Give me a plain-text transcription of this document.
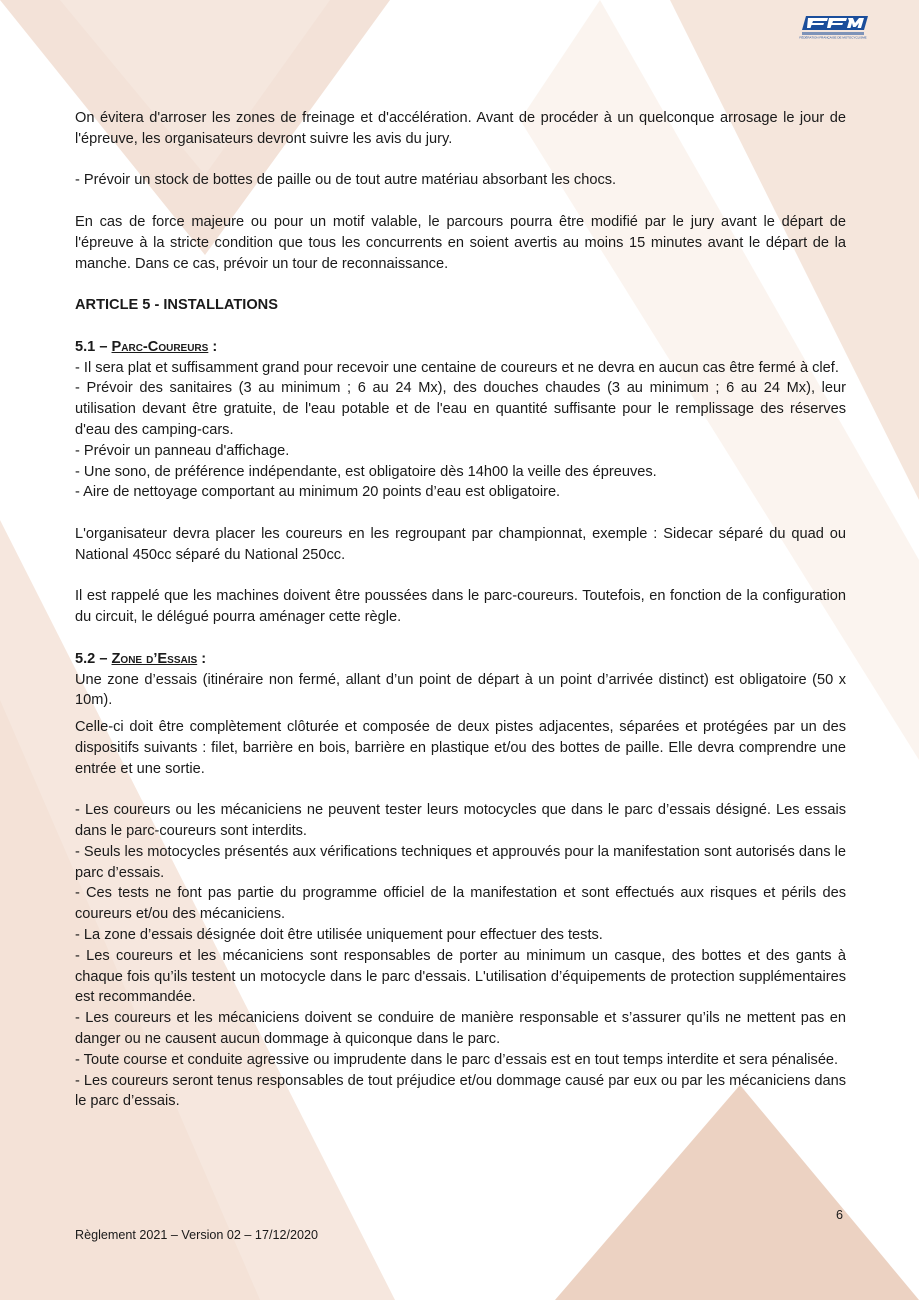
FÉDÉRATION FRANÇAISE DE MOTOCYCLISME

On évitera d'arroser les zones de freinage et d'accélération. Avant de procéder à un quelconque arrosage le jour de l'épreuve, les organisateurs devront suivre les avis du jury.

- Prévoir un stock de bottes de paille ou de tout autre matériau absorbant les chocs.

En cas de force majeure ou pour un motif valable, le parcours pourra être modifié par le jury avant le départ de l'épreuve à la stricte condition que tous les concurrents en soient avertis au moins 15 minutes avant le départ de la manche. Dans ce cas, prévoir un tour de reconnaissance.

ARTICLE 5 - INSTALLATIONS

5.1 – Parc-Coureurs :

- Il sera plat et suffisamment grand pour recevoir une centaine de coureurs et ne devra en aucun cas être fermé à clef.

- Prévoir des sanitaires (3 au minimum ; 6 au 24 Mx), des douches chaudes (3 au minimum ; 6 au 24 Mx), leur utilisation devant être gratuite, de l'eau potable et de l'eau en quantité suffisante pour le remplissage des réserves d'eau des camping-cars.

- Prévoir un panneau d'affichage.

- Une sono, de préférence indépendante, est obligatoire dès 14h00 la veille des épreuves.

- Aire de nettoyage comportant au minimum 20 points d’eau est obligatoire.

L'organisateur devra placer les coureurs en les regroupant par championnat, exemple : Sidecar séparé du quad ou National 450cc séparé du National 250cc.

Il est rappelé que les machines doivent être poussées dans le parc-coureurs. Toutefois, en fonction de la configuration du circuit, le délégué pourra aménager cette règle.

5.2 – Zone d’Essais :

Une zone d’essais (itinéraire non fermé, allant d’un point de départ à un point d’arrivée distinct) est obligatoire (50 x 10m).

Celle-ci doit être complètement clôturée et composée de deux pistes adjacentes, séparées et protégées par un des dispositifs suivants : filet, barrière en bois, barrière en plastique et/ou des bottes de paille. Elle devra comprendre une entrée et une sortie.

- Les coureurs ou les mécaniciens ne peuvent tester leurs motocycles que dans le parc d’essais désigné. Les essais dans le parc-coureurs sont interdits.

- Seuls les motocycles présentés aux vérifications techniques et approuvés pour la manifestation sont autorisés dans le parc d’essais.

- Ces tests ne font pas partie du programme officiel de la manifestation et sont effectués aux risques et périls des coureurs et/ou des mécaniciens.

- La zone d’essais désignée doit être utilisée uniquement pour effectuer des tests.

- Les coureurs et les mécaniciens sont responsables de porter au minimum un casque, des bottes et des gants à chaque fois qu’ils testent un motocycle dans le parc d'essais. L'utilisation d’équipements de protection supplémentaires est recommandée.

- Les coureurs et les mécaniciens doivent se conduire de manière responsable et s’assurer qu’ils ne mettent pas en danger ou ne causent aucun dommage à quiconque dans le parc.

- Toute course et conduite agressive ou imprudente dans le parc d’essais est en tout temps interdite et sera pénalisée.

- Les coureurs seront tenus responsables de tout préjudice et/ou dommage causé par eux ou par les mécaniciens dans le parc d’essais.

6
Règlement 2021 – Version 02 – 17/12/2020
